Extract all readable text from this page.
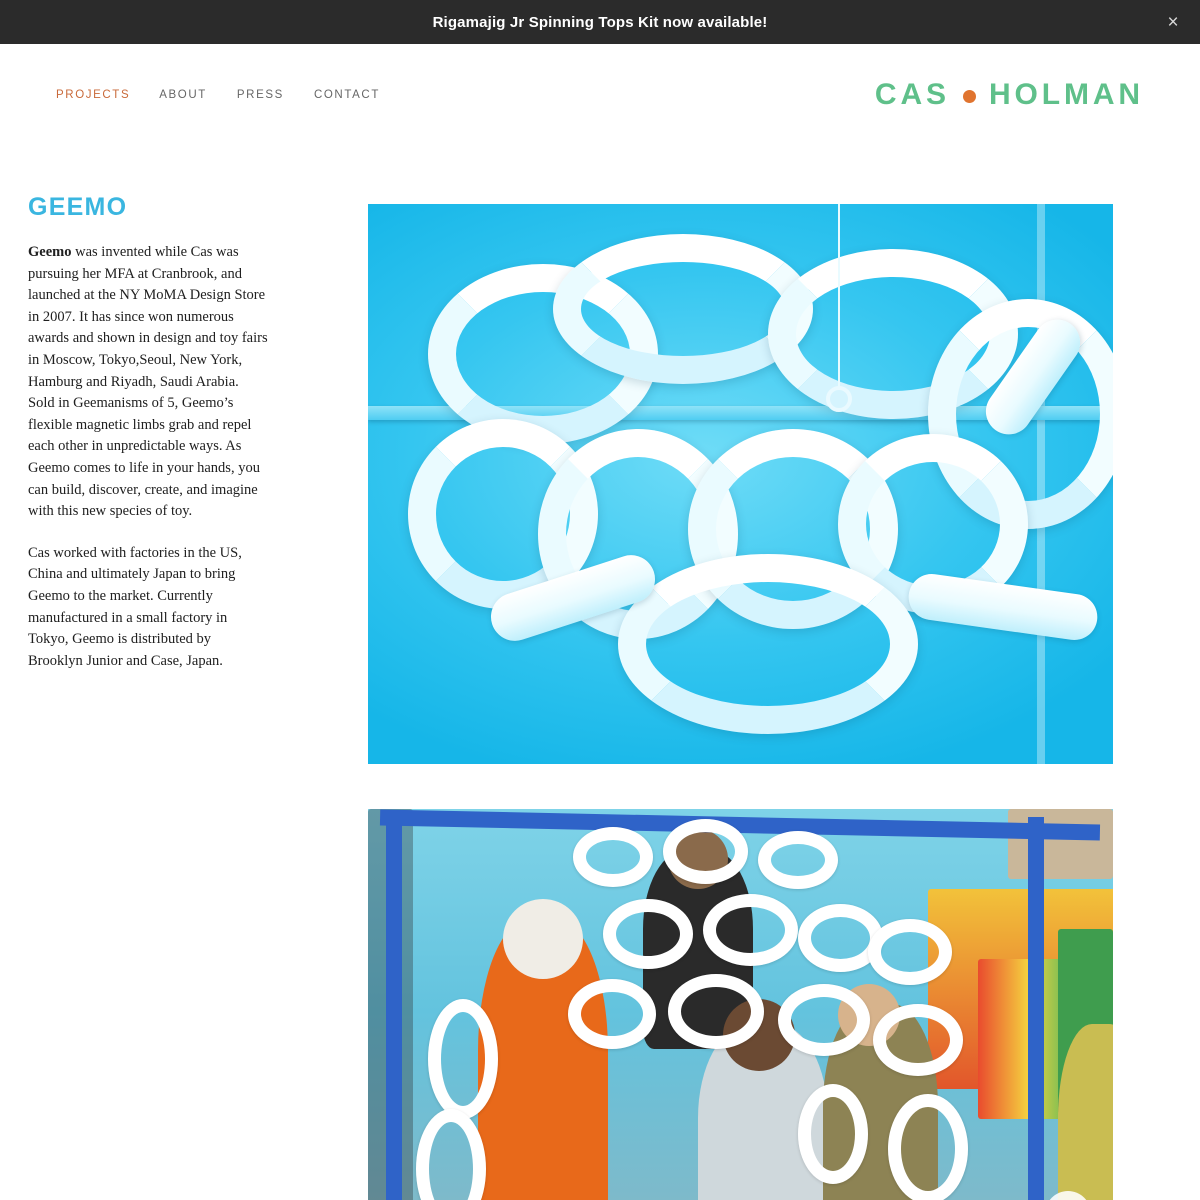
Rigamajig Jr Spinning Tops Kit now available!	×
PROJECTS	ABOUT	PRESS	CONTACT	CAS HOLMAN
GEEMO

Geemo was invented while Cas was pursuing her MFA at Cranbrook, and launched at the NY MoMA Design Store in 2007. It has since won numerous awards and shown in design and toy fairs in Moscow, Tokyo,Seoul, New York, Hamburg and Riyadh, Saudi Arabia. Sold in Geemanisms of 5, Geemo’s flexible magnetic limbs grab and repel each other in unpredictable ways. As Geemo comes to life in your hands, you can build, discover, create, and imagine with this new species of toy.

Cas worked with factories in the US, China and ultimately Japan to bring Geemo to the market. Currently manufactured in a small factory in Tokyo, Geemo is distributed by Brooklyn Junior and Case, Japan.
